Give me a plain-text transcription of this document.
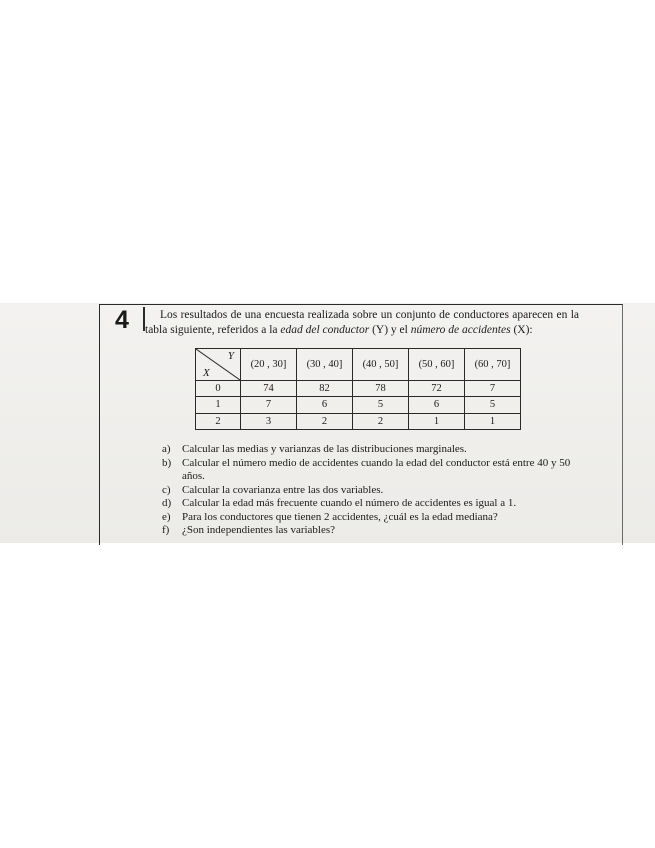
4	Los resultados de una encuesta realizada sobre un conjunto de conductores aparecen en la tabla siguiente, referidos a la edad del conductor (Y) y el número de accidentes (X):

Y
X	(20 , 30]	(30 , 40]	(40 , 50]	(50 , 60]	(60 , 70]
0	74	82	78	72	7
1	7	6	5	6	5
2	3	2	2	1	1
a)	Calcular las medias y varianzas de las distribuciones marginales.
b) Calcular el número medio de accidentes cuando la edad del conductor está entre 40 y 50 años.
c)	Calcular la covarianza entre las dos variables.
d) Calcular la edad más frecuente cuando el número de accidentes es igual a 1.
e)	Para los conductores que tienen 2 accidentes, ¿cuál es la edad mediana?
f)	¿Son independientes las variables?
